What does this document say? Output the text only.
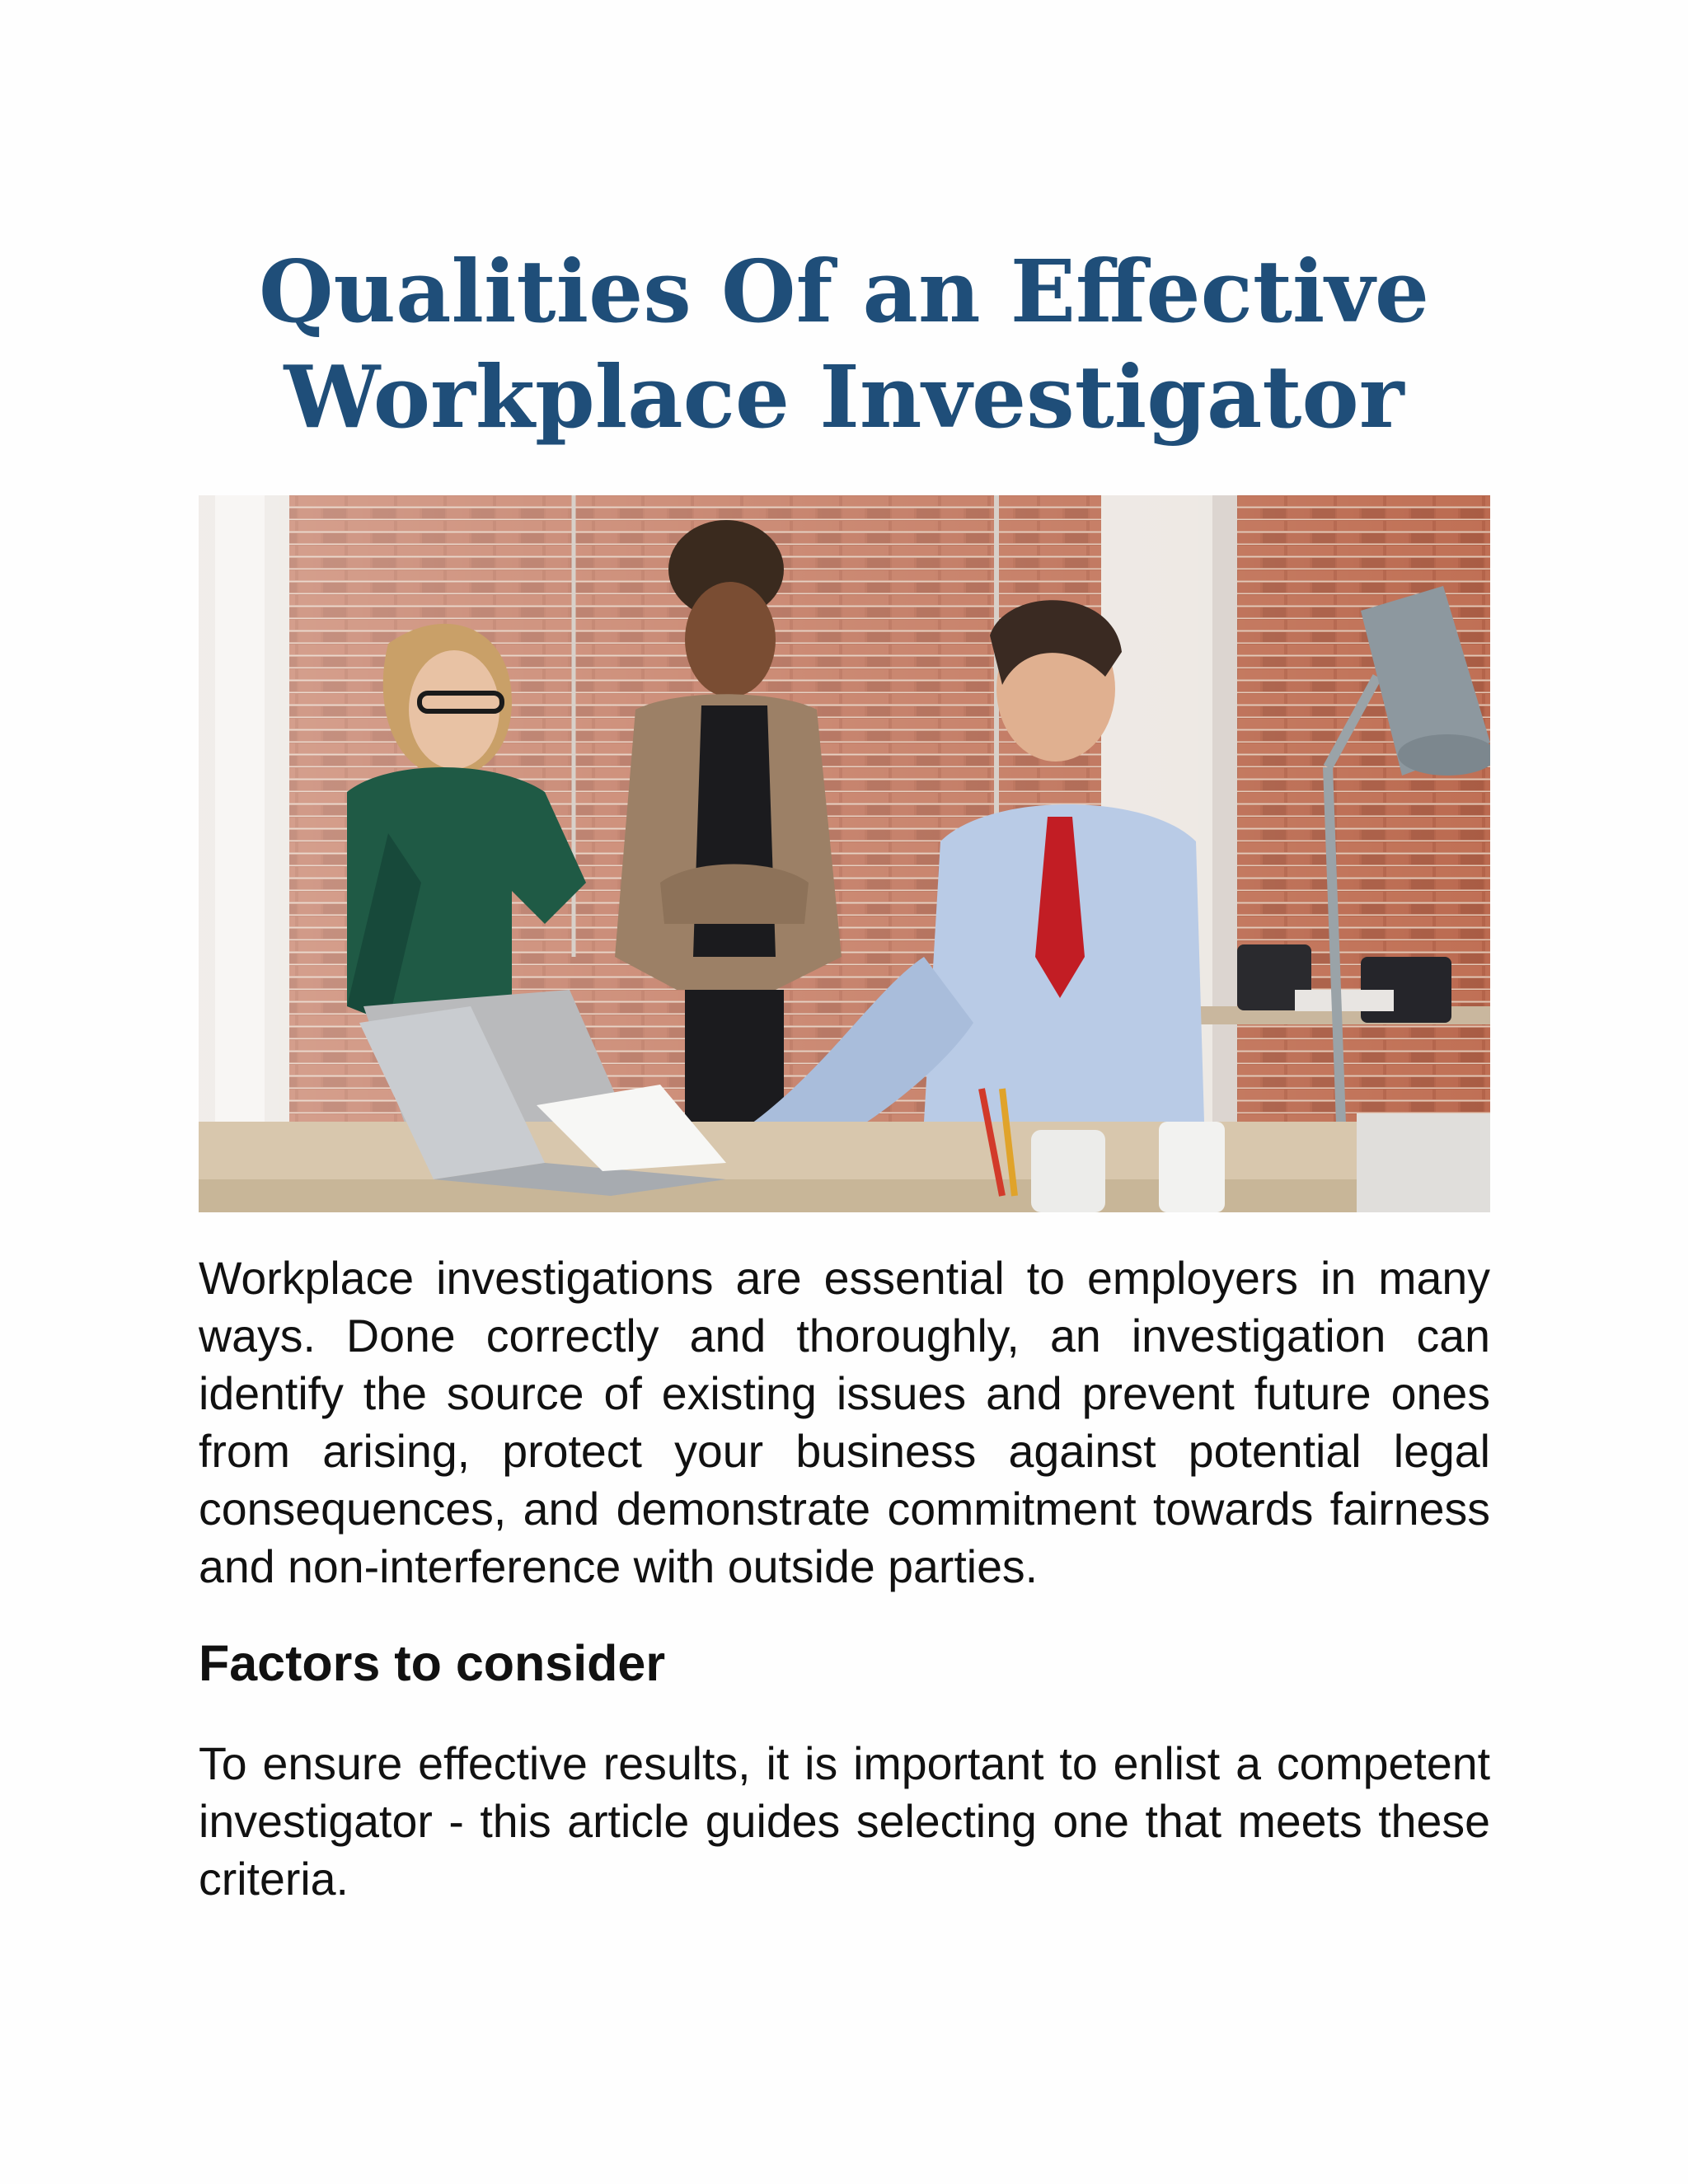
Qualities Of an Effective
Workplace Investigator

Workplace investigations are essential to employers in many ways. Done correctly and thoroughly, an investigation can identify the source of existing issues and prevent future ones from arising, protect your business against potential legal consequences, and demonstrate commitment towards fairness and non-interference with outside parties.

Factors to consider

To ensure effective results, it is important to enlist a competent investigator - this article guides selecting one that meets these criteria.
